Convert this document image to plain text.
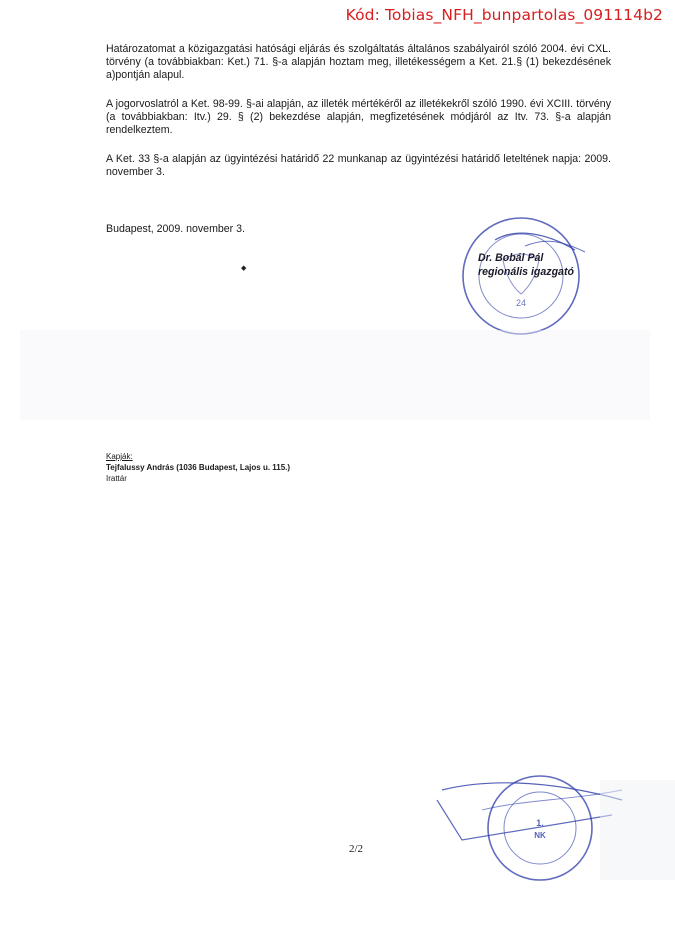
Kód: Tobias_NFH_bunpartolas_091114b2

Határozatomat a közigazgatási hatósági eljárás és szolgáltatás általános szabályairól szóló 2004. évi CXL. törvény (a továbbiakban: Ket.) 71. §-a alapján hoztam meg, illetékességem a Ket. 21.§ (1) bekezdésének a)pontján alapul.

A jogorvoslatról a Ket. 98-99. §-ai alapján, az illeték mértékéről az illetékekről szóló 1990. évi XCIII. törvény (a továbbiakban: Itv.) 29. § (2) bekezdése alapján, megfizetésének módjáról az Itv. 73. §-a alapján rendelkeztem.

A Ket. 33 §-a alapján az ügyintézési határidő 22 munkanap az ügyintézési határidő leteltének napja: 2009. november 3.

Budapest, 2009. november 3.
◆
24
Dr. Bobál Pál
regionális igazgató
Kapják:
Tejfalussy András (1036 Budapest, Lajos u. 115.)
Irattár
2/2
1.
NK
